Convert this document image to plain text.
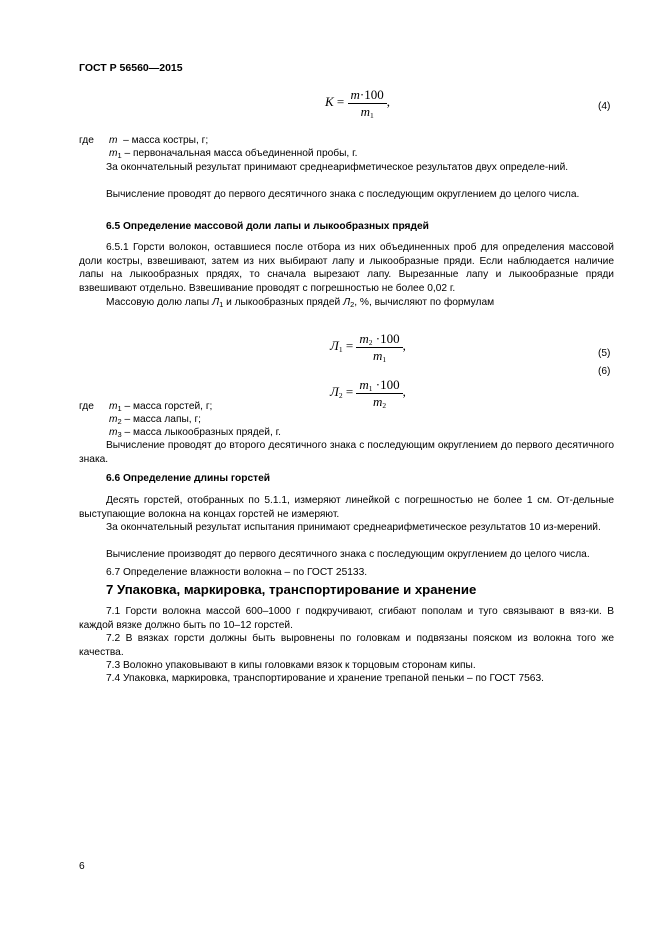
ГОСТ Р 56560—2015
$K = \frac{m\cdot 100}{m_1}$ ,	(4)
где m – масса костры, г;
$m_1$ – первоначальная масса объединенной пробы, г.

За окончательный результат принимают среднеарифметическое результатов двух определе-ний.

Вычисление проводят до первого десятичного знака с последующим округлением до целого числа.

6.5 Определение массовой доли лапы и лыкообразных прядей

6.5.1 Горсти волокон, оставшиеся после отбора из них объединенных проб для определения массовой доли костры, взвешивают, затем из них выбирают лапу и лыкообразные пряди. Если наблюдается наличие лапы на лыкообразных прядях, то сначала вырезают лапу. Вырезанные лапу и лыкообразные пряди взвешивают отдельно. Взвешивание проводят с погрешностью не более 0,02 г.

Массовую долю лапы $Л_1$ и лыкообразных прядей $Л_2$, %, вычисляют по формулам

$Л_1 = \frac{m_2 \cdot 100}{m_1}$ ,
(5)
$Л_2 = \frac{m_1 \cdot 100}{m_2}$ ,
(6)
где $m_1$ – масса горстей, г;
$m_2$ – масса лапы, г;
$m_3$ – масса лыкообразных прядей, г.

Вычисление проводят до второго десятичного знака с последующим округлением до первого десятичного знака.

6.6 Определение длины горстей

Десять горстей, отобранных по 5.1.1, измеряют линейкой с погрешностью не более 1 см. От-дельные выступающие волокна на концах горстей не измеряют.

За окончательный результат испытания принимают среднеарифметическое результатов 10 из-мерений.

Вычисление производят до первого десятичного знака с последующим округлением до целого числа.

6.7 Определение влажности волокна – по ГОСТ 25133.

7 Упаковка, маркировка, транспортирование и хранение

7.1 Горсти волокна массой 600–1000 г подкручивают, сгибают пополам и туго связывают в вяз-ки. В каждой вязке должно быть по 10–12 горстей.

7.2 В вязках горсти должны быть выровнены по головкам и подвязаны пояском из волокна того же качества.

7.3 Волокно упаковывают в кипы головками вязок к торцовым сторонам кипы.

7.4 Упаковка, маркировка, транспортирование и хранение трепаной пеньки – по ГОСТ 7563.

6
